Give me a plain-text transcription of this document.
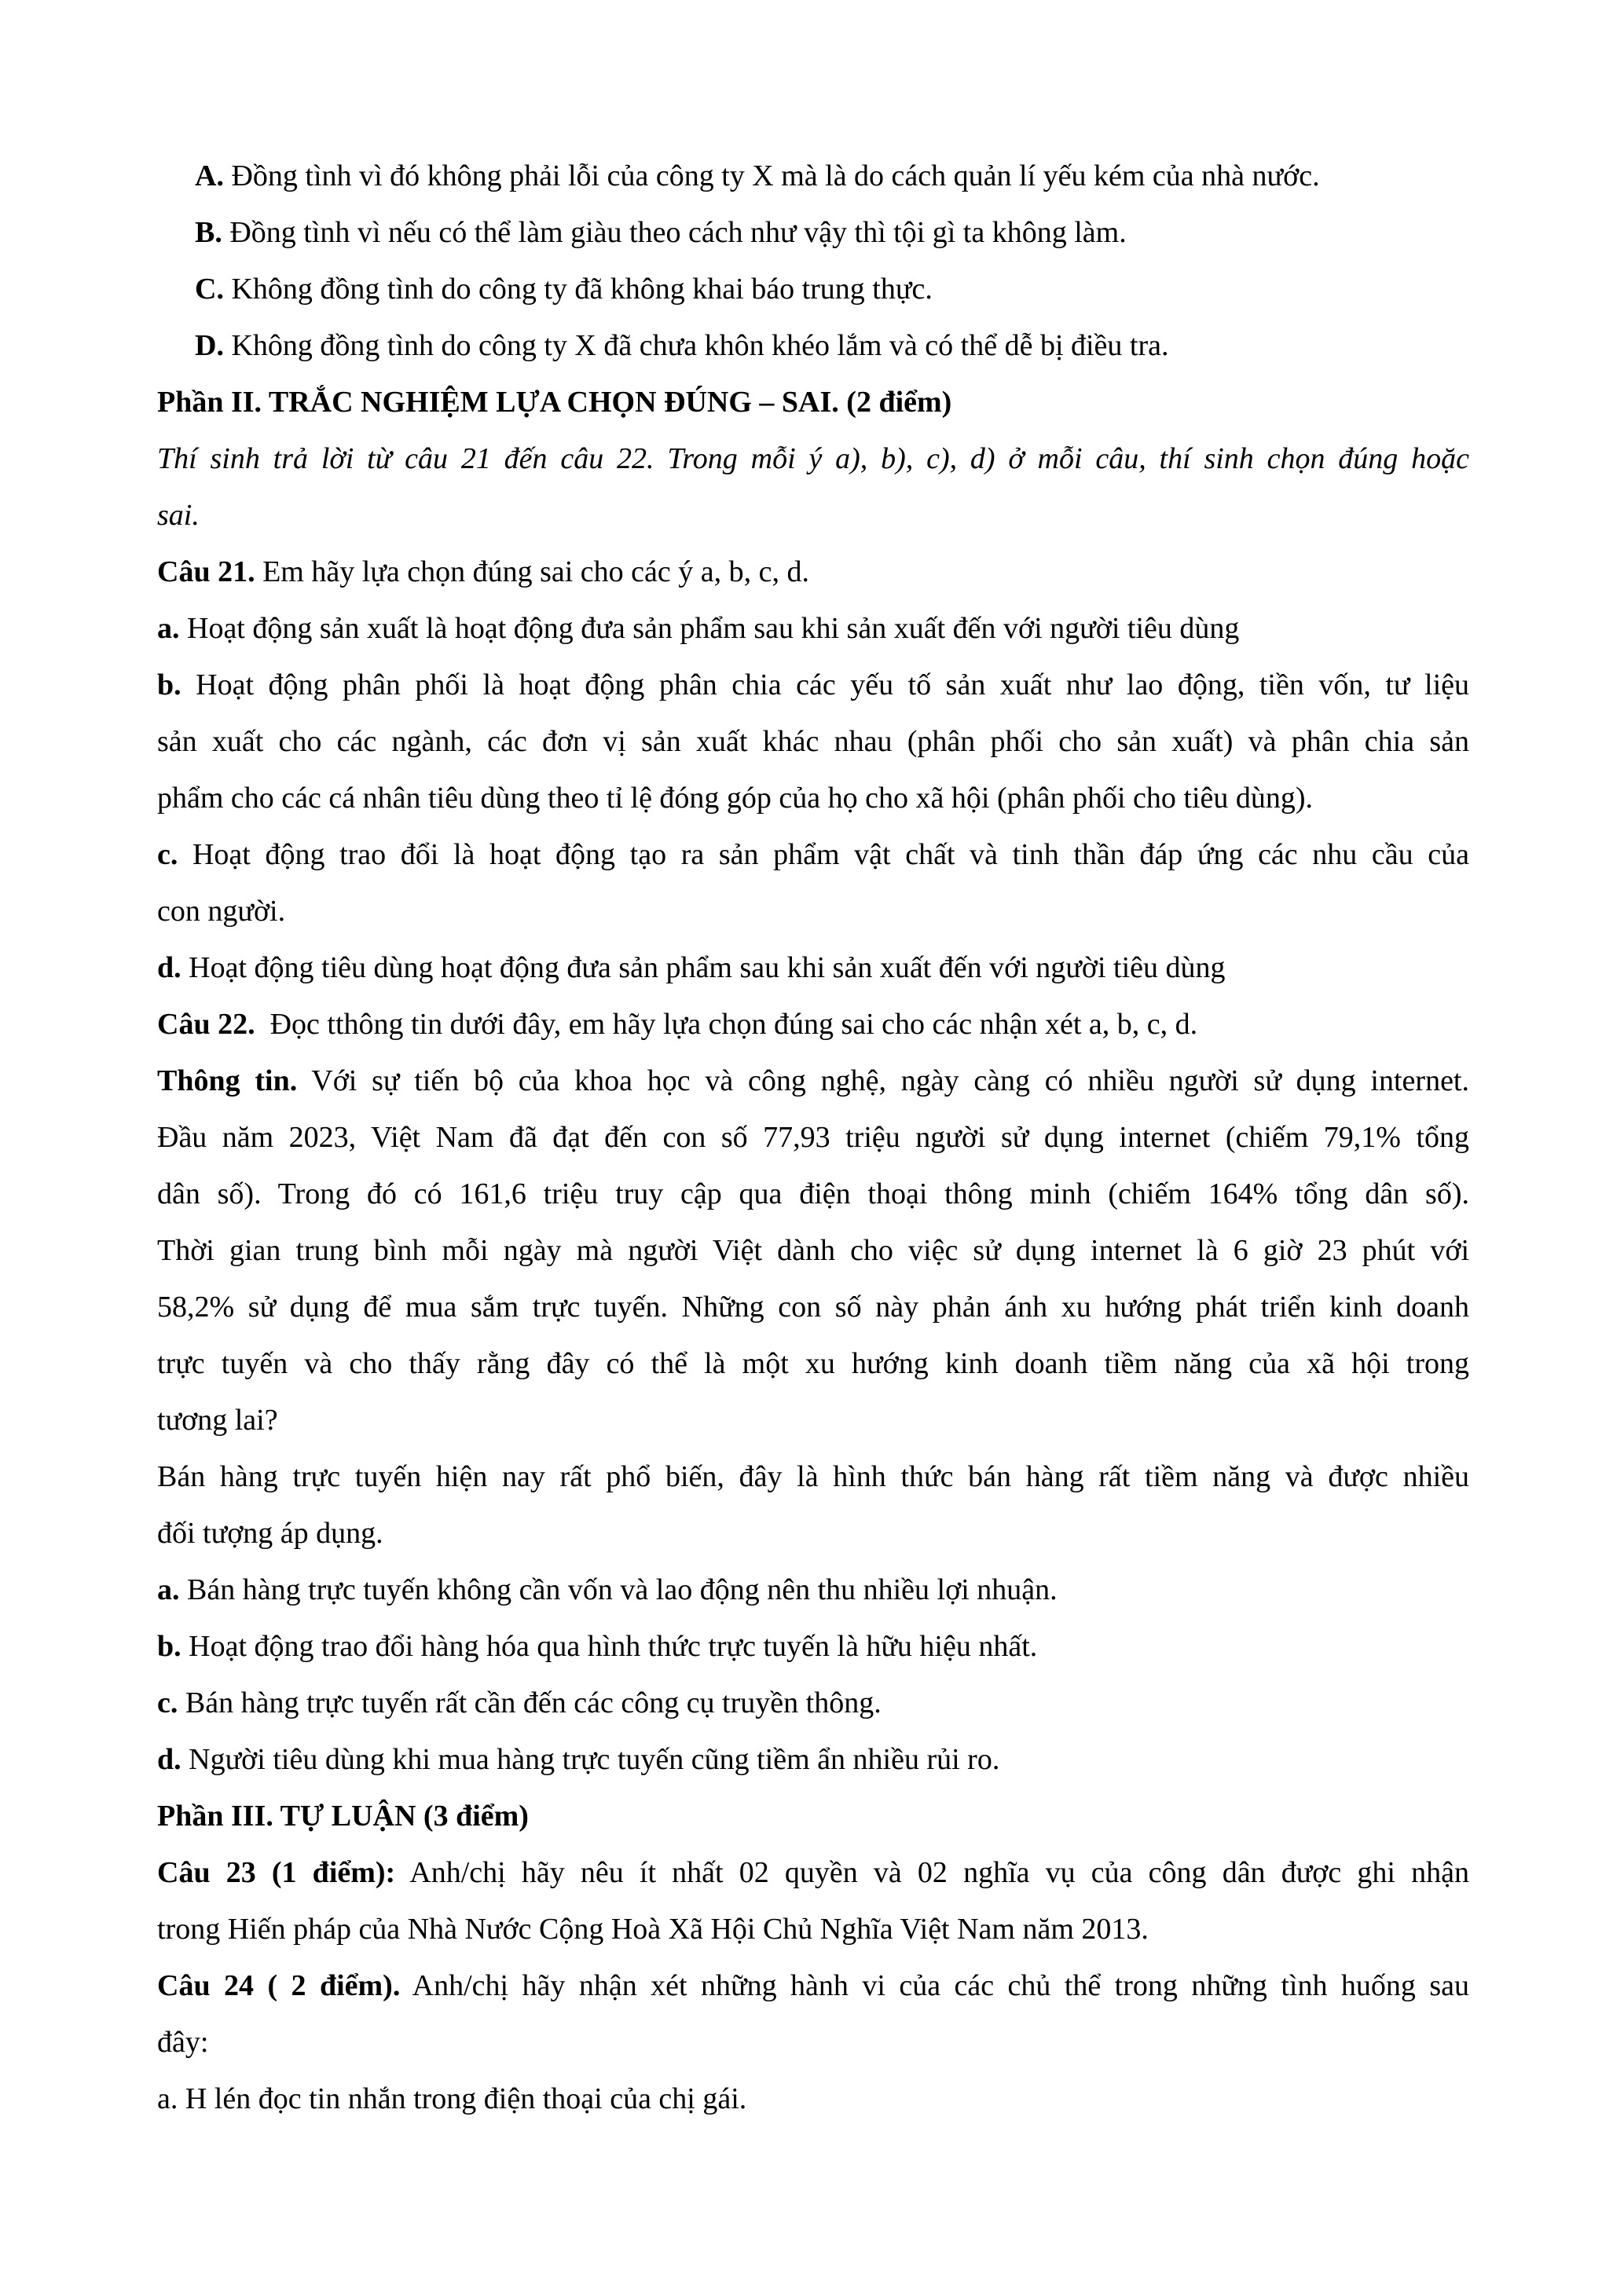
A. Đồng tình vì đó không phải lỗi của công ty X mà là do cách quản lí yếu kém của nhà nước.
B. Đồng tình vì nếu có thể làm giàu theo cách như vậy thì tội gì ta không làm.
C. Không đồng tình do công ty đã không khai báo trung thực.
D. Không đồng tình do công ty X đã chưa khôn khéo lắm và có thể dễ bị điều tra.
Phần II. TRẮC NGHIỆM LỰA CHỌN ĐÚNG – SAI. (2 điểm)
Thí sinh trả lời từ câu 21 đến câu 22. Trong mỗi ý a), b), c), d) ở mỗi câu, thí sinh chọn đúng hoặc
sai.
Câu 21. Em hãy lựa chọn đúng sai cho các ý a, b, c, d.
a. Hoạt động sản xuất là hoạt động đưa sản phẩm sau khi sản xuất đến với người tiêu dùng
b. Hoạt động phân phối là hoạt động phân chia các yếu tố sản xuất như lao động, tiền vốn, tư liệu
sản xuất cho các ngành, các đơn vị sản xuất khác nhau (phân phối cho sản xuất) và phân chia sản
phẩm cho các cá nhân tiêu dùng theo tỉ lệ đóng góp của họ cho xã hội (phân phối cho tiêu dùng).
c. Hoạt động trao đổi là hoạt động tạo ra sản phẩm vật chất và tinh thần đáp ứng các nhu cầu của
con người.
d. Hoạt động tiêu dùng hoạt động đưa sản phẩm sau khi sản xuất đến với người tiêu dùng
Câu 22.  Đọc tthông tin dưới đây, em hãy lựa chọn đúng sai cho các nhận xét a, b, c, d.
Thông tin. Với sự tiến bộ của khoa học và công nghệ, ngày càng có nhiều người sử dụng internet.
Đầu năm 2023, Việt Nam đã đạt đến con số 77,93 triệu người sử dụng internet (chiếm 79,1% tổng
dân số). Trong đó có 161,6 triệu truy cập qua điện thoại thông minh (chiếm 164% tổng dân số).
Thời gian trung bình mỗi ngày mà người Việt dành cho việc sử dụng internet là 6 giờ 23 phút với
58,2% sử dụng để mua sắm trực tuyến. Những con số này phản ánh xu hướng phát triển kinh doanh
trực tuyến và cho thấy rằng đây có thể là một xu hướng kinh doanh tiềm năng của xã hội trong
tương lai?
Bán hàng trực tuyến hiện nay rất phổ biến, đây là hình thức bán hàng rất tiềm năng và được nhiều
đối tượng áp dụng.
a. Bán hàng trực tuyến không cần vốn và lao động nên thu nhiều lợi nhuận.
b. Hoạt động trao đổi hàng hóa qua hình thức trực tuyến là hữu hiệu nhất.
c. Bán hàng trực tuyến rất cần đến các công cụ truyền thông.
d. Người tiêu dùng khi mua hàng trực tuyến cũng tiềm ẩn nhiều rủi ro.
Phần III. TỰ LUẬN (3 điểm)
Câu 23 (1 điểm): Anh/chị hãy nêu ít nhất 02 quyền và 02 nghĩa vụ của công dân được ghi nhận
trong Hiến pháp của Nhà Nước Cộng Hoà Xã Hội Chủ Nghĩa Việt Nam năm 2013.
Câu 24 ( 2 điểm). Anh/chị hãy nhận xét những hành vi của các chủ thể trong những tình huống sau
đây:
a. H lén đọc tin nhắn trong điện thoại của chị gái.
